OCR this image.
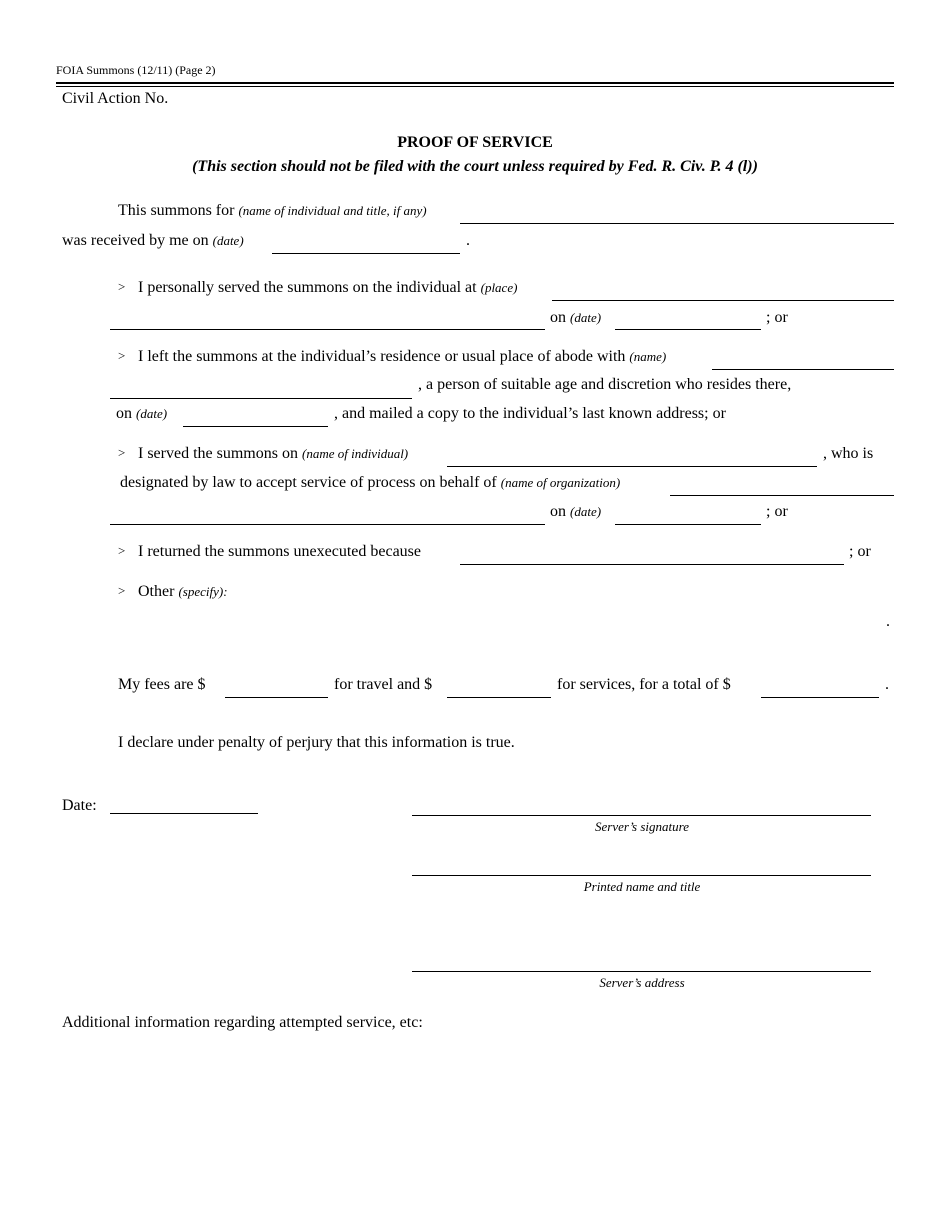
FOIA Summons (12/11) (Page 2)
Civil Action No.
PROOF OF SERVICE
(This section should not be filed with the court unless required by Fed. R. Civ. P. 4 (l))
This summons for (name of individual and title, if any)
was received by me on (date)	.
˃ I personally served the summons on the individual at (place)
on (date)	; or
˃ I left the summons at the individual’s residence or usual place of abode with (name)
, a person of suitable age and discretion who resides there,
on (date)	, and mailed a copy to the individual’s last known address; or
˃ I served the summons on (name of individual)	, who is
designated by law to accept service of process on behalf of (name of organization)
on (date)	; or
˃ I returned the summons unexecuted because	; or
˃ Other (specify):
.
My fees are $	for travel and $	for services, for a total of $	.
I declare under penalty of perjury that this information is true.
Date:
Server’s signature
Printed name and title
Server’s address
Additional information regarding attempted service, etc:
